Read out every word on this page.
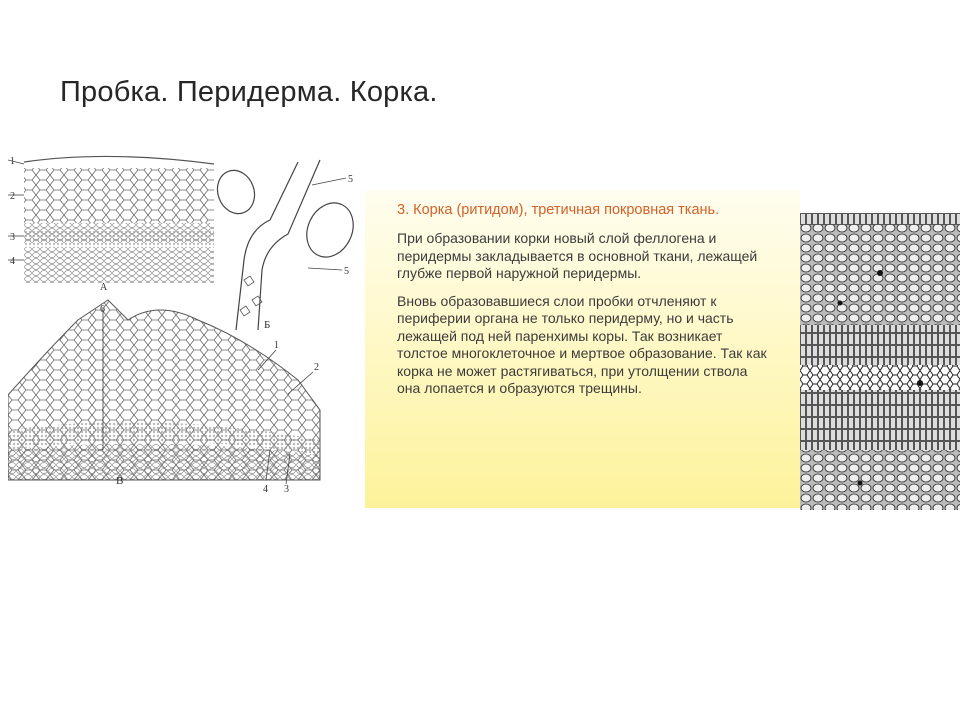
Пробка. Перидерма. Корка.
1
2
3
4
А
5
5
Б
6
1
2
4 3
В
3. Корка (ритидом), третичная покровная ткань.

При образовании корки новый слой феллогена и перидермы закладывается в основной ткани, лежащей глубже первой наружной перидермы.

Вновь образовавшиеся слои пробки отчленяют к периферии органа не только перидерму, но и часть лежащей под ней паренхимы коры. Так возникает толстое многоклеточное и мертвое образование. Так как корка не может растягиваться, при утолщении ствола она лопается и образуются трещины.
